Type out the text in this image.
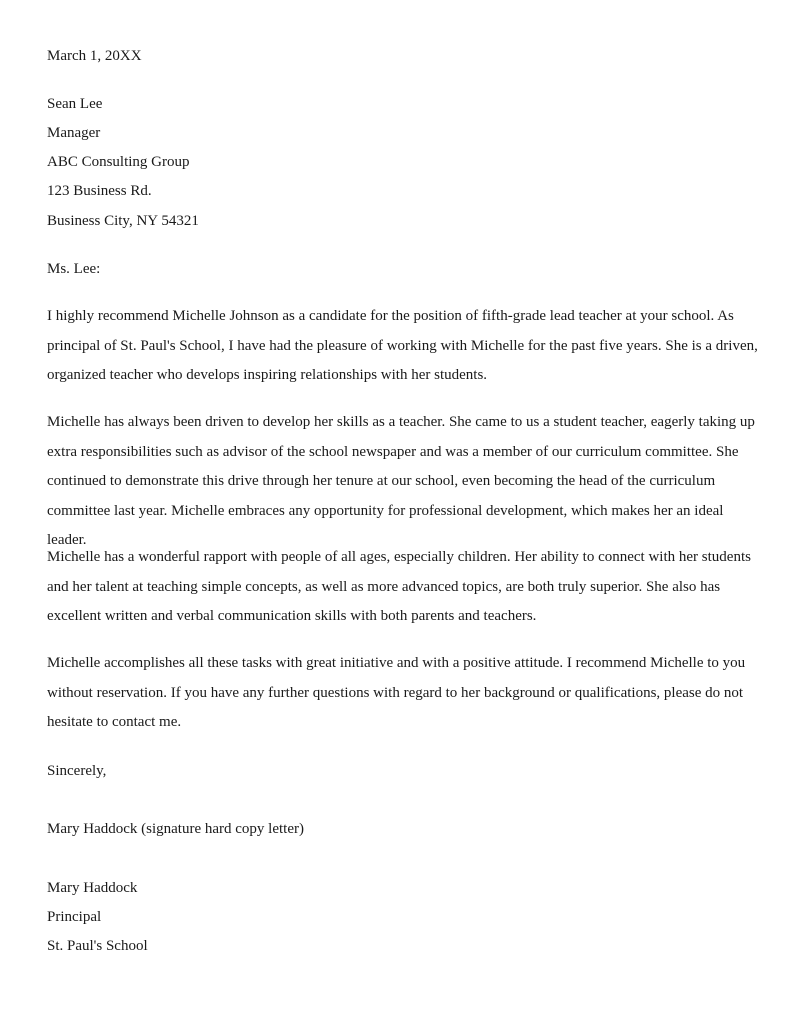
March 1, 20XX
Sean Lee
Manager
ABC Consulting Group
123 Business Rd.
Business City, NY 54321
Ms. Lee:
I highly recommend Michelle Johnson as a candidate for the position of fifth-grade lead teacher at your school. As principal of St. Paul's School, I have had the pleasure of working with Michelle for the past five years. She is a driven, organized teacher who develops inspiring relationships with her students.
Michelle has always been driven to develop her skills as a teacher. She came to us a student teacher, eagerly taking up extra responsibilities such as advisor of the school newspaper and was a member of our curriculum committee. She continued to demonstrate this drive through her tenure at our school, even becoming the head of the curriculum committee last year. Michelle embraces any opportunity for professional development, which makes her an ideal leader.
Michelle has a wonderful rapport with people of all ages, especially children. Her ability to connect with her students and her talent at teaching simple concepts, as well as more advanced topics, are both truly superior. She also has excellent written and verbal communication skills with both parents and teachers.
Michelle accomplishes all these tasks with great initiative and with a positive attitude. I recommend Michelle to you without reservation. If you have any further questions with regard to her background or qualifications, please do not hesitate to contact me.
Sincerely,
Mary Haddock (signature hard copy letter)
Mary Haddock
Principal
St. Paul's School
